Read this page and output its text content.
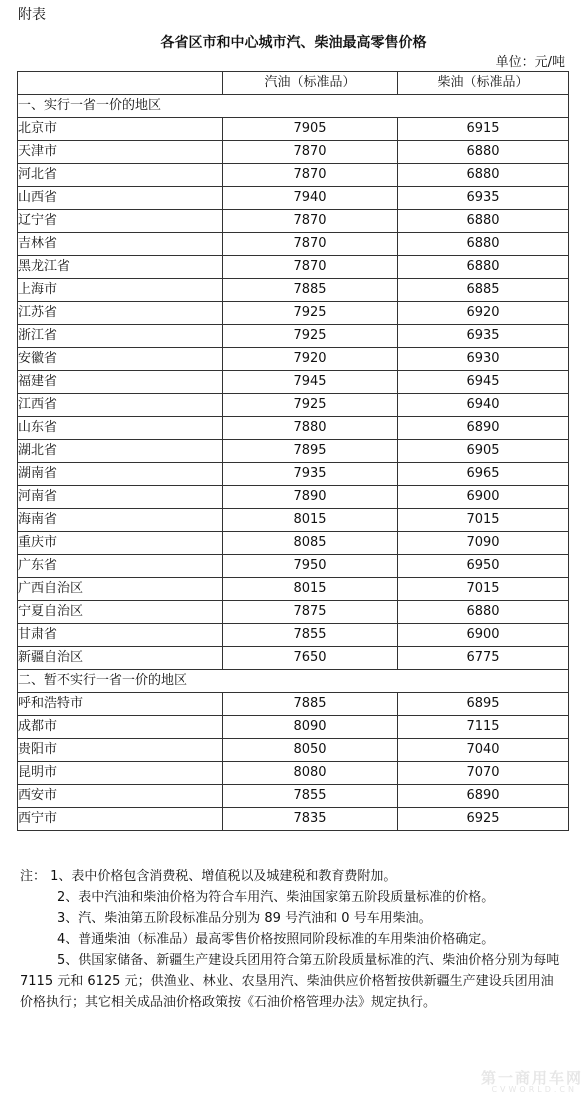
附表
各省区市和中心城市汽、柴油最高零售价格
单位：元/吨
	汽油（标准品）	柴油（标准品）
一、实行一省一价的地区		
北京市	7905	6915
天津市	7870	6880
河北省	7870	6880
山西省	7940	6935
辽宁省	7870	6880
吉林省	7870	6880
黑龙江省	7870	6880
上海市	7885	6885
江苏省	7925	6920
浙江省	7925	6935
安徽省	7920	6930
福建省	7945	6945
江西省	7925	6940
山东省	7880	6890
湖北省	7895	6905
湖南省	7935	6965
河南省	7890	6900
海南省	8015	7015
重庆市	8085	7090
广东省	7950	6950
广西自治区	8015	7015
宁夏自治区	7875	6880
甘肃省	7855	6900
新疆自治区	7650	6775
二、暂不实行一省一价的地区		
呼和浩特市	7885	6895
成都市	8090	7115
贵阳市	8050	7040
昆明市	8080	7070
西安市	7855	6890
西宁市	7835	6925

注： 1、表中价格包含消费税、增值税以及城建税和教育费附加。

2、表中汽油和柴油价格为符合车用汽、柴油国家第五阶段质量标准的价格。

3、汽、柴油第五阶段标准品分别为 89 号汽油和 0 号车用柴油。

4、普通柴油（标准品）最高零售价格按照同阶段标准的车用柴油价格确定。

5、供国家储备、新疆生产建设兵团用符合第五阶段质量标准的汽、柴油价格分别为每吨 7115 元和 6125 元；供渔业、林业、农垦用汽、柴油供应价格暂按供新疆生产建设兵团用油价格执行；其它相关成品油价格政策按《石油价格管理办法》规定执行。

第一商用车网
CVWORLD.CN
